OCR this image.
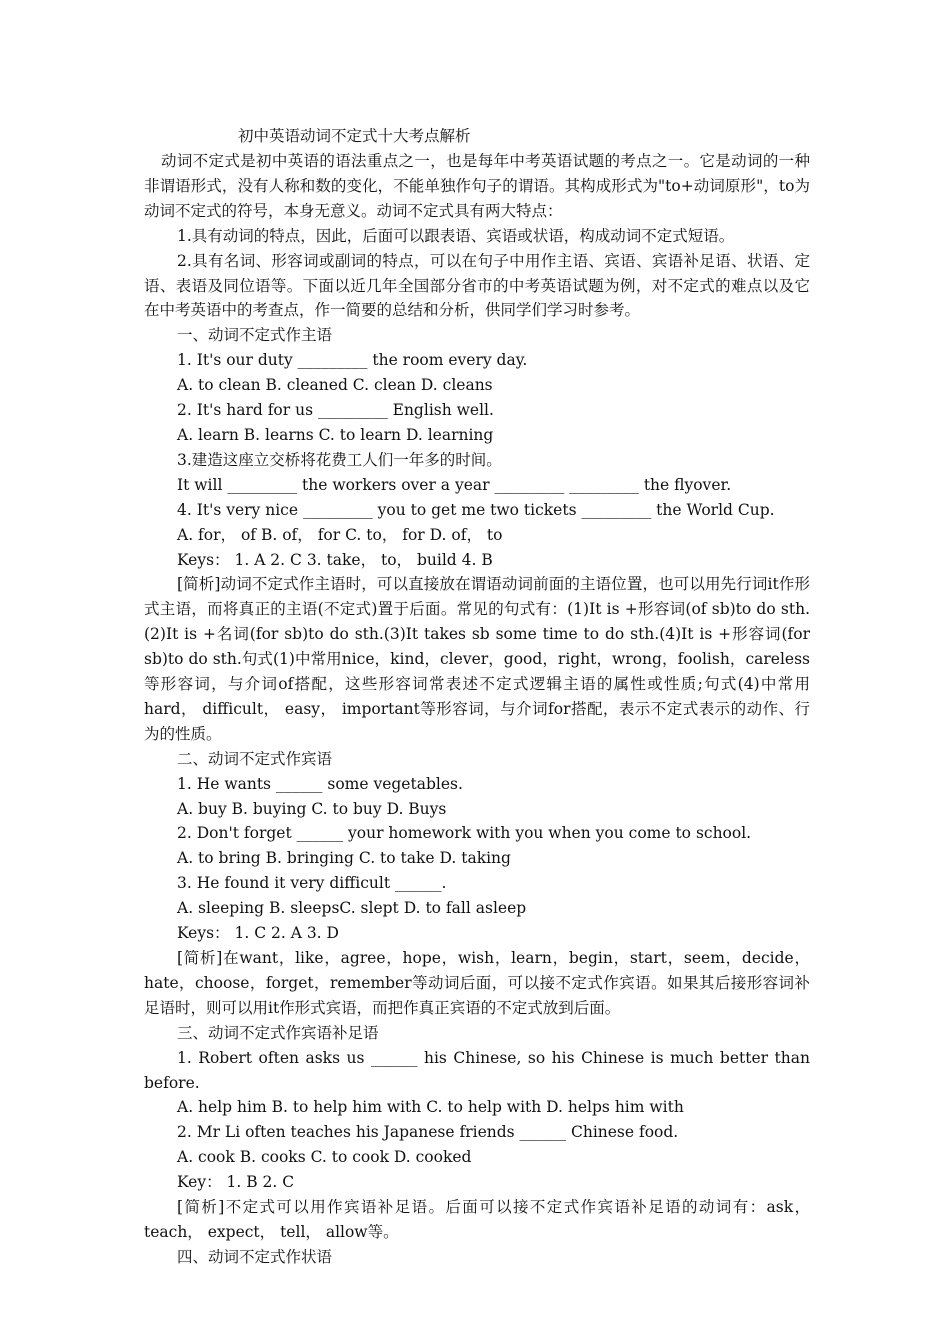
初中英语动词不定式十大考点解析

动词不定式是初中英语的语法重点之一，也是每年中考英语试题的考点之一。它是动词的一种非谓语形式，没有人称和数的变化，不能单独作句子的谓语。其构成形式为"to+动词原形"，to为动词不定式的符号，本身无意义。动词不定式具有两大特点：

1.具有动词的特点，因此，后面可以跟表语、宾语或状语，构成动词不定式短语。

2.具有名词、形容词或副词的特点，可以在句子中用作主语、宾语、宾语补足语、状语、定语、表语及同位语等。下面以近几年全国部分省市的中考英语试题为例，对不定式的难点以及它在中考英语中的考查点，作一简要的总结和分析，供同学们学习时参考。

一、动词不定式作主语

1. It's our duty _________ the room every day.

A. to clean B. cleaned C. clean D. cleans

2. It's hard for us _________ English well.

A. learn B. learns C. to learn D. learning

3.建造这座立交桥将花费工人们一年多的时间。

It will _________ the workers over a year _________ _________ the flyover.

4. It's very nice _________ you to get me two tickets _________ the World Cup.

A. for， of B. of， for C. to， for D. of， to

Keys： 1. A 2. C 3. take， to， build 4. B

[简析]动词不定式作主语时，可以直接放在谓语动词前面的主语位置，也可以用先行词it作形式主语，而将真正的主语(不定式)置于后面。常见的句式有：(1)It is +形容词(of sb)to do sth.(2)It is +名词(for sb)to do sth.(3)It takes sb some time to do sth.(4)It is +形容词(for sb)to do sth.句式(1)中常用nice，kind，clever，good，right，wrong，foolish，careless等形容词，与介词of搭配，这些形容词常表述不定式逻辑主语的属性或性质;句式(4)中常用hard， difficult， easy， important等形容词，与介词for搭配，表示不定式表示的动作、行为的性质。

二、动词不定式作宾语

1. He wants ______ some vegetables.

A. buy B. buying C. to buy D. Buys

2. Don't forget ______ your homework with you when you come to school.

A. to bring B. bringing C. to take D. taking

3. He found it very difficult ______.

A. sleeping B. sleepsC. slept D. to fall asleep

Keys： 1. C 2. A 3. D

[简析]在want，like，agree，hope，wish，learn，begin，start，seem，decide，hate，choose，forget，remember等动词后面，可以接不定式作宾语。如果其后接形容词补足语时，则可以用it作形式宾语，而把作真正宾语的不定式放到后面。

三、动词不定式作宾语补足语

1. Robert often asks us ______ his Chinese, so his Chinese is much better than before.

A. help him B. to help him with C. to help with D. helps him with

2. Mr Li often teaches his Japanese friends ______ Chinese food.

A. cook B. cooks C. to cook D. cooked

Key： 1. B 2. C

[简析]不定式可以用作宾语补足语。后面可以接不定式作宾语补足语的动词有：ask， teach， expect， tell， allow等。

四、动词不定式作状语
